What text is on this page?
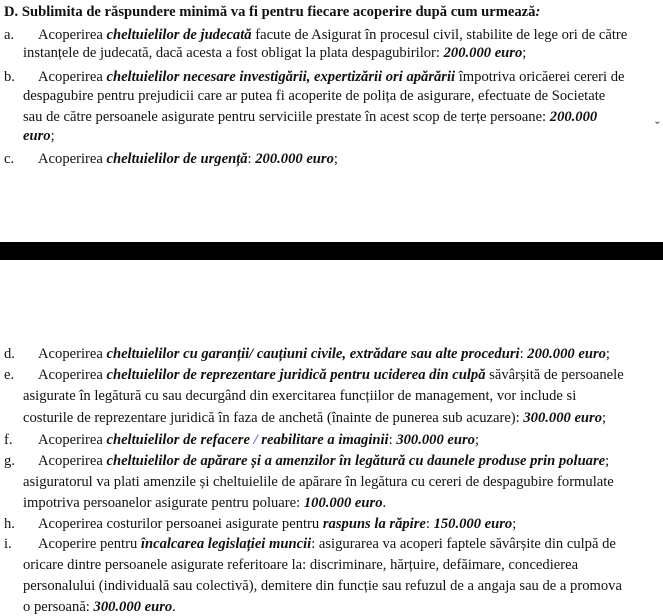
D. Sublimita de răspundere minimă va fi pentru fiecare acoperire după cum urmează:
a. Acoperirea cheltuielilor de judecată facute de Asigurat în procesul civil, stabilite de lege ori de către
instanțele de judecată, dacă acesta a fost obligat la plata despagubirilor: 200.000 euro;
b. Acoperirea cheltuielilor necesare investigării, expertizării ori apărării împotriva oricăerei cereri de
despagubire pentru prejudicii care ar putea fi acoperite de polița de asigurare, efectuate de Societate
sau de către persoanele asigurate pentru serviciile prestate în acest scop de terțe persoane: 200.000
euro;
c. Acoperirea cheltuielilor de urgență: 200.000 euro;
ˇ
d. Acoperirea cheltuielilor cu garanții/ cauțiuni civile, extrădare sau alte proceduri: 200.000 euro;
e. Acoperirea cheltuielilor de reprezentare juridică pentru uciderea din culpă săvârșită de persoanele
asigurate în legătură cu sau decurgând din exercitarea funcțiilor de management, vor include si
costurile de reprezentare juridică în faza de anchetă (înainte de punerea sub acuzare): 300.000 euro;
f. Acoperirea cheltuielilor de refacere / reabilitare a imaginii: 300.000 euro;
g. Acoperirea cheltuielilor de apărare și a amenzilor în legătură cu daunele produse prin poluare;
asiguratorul va plati amenzile și cheltuielile de apărare în legătura cu cereri de despagubire formulate
impotriva persoanelor asigurate pentru poluare: 100.000 euro.
h. Acoperirea costurilor persoanei asigurate pentru raspuns la răpire: 150.000 euro;
i. Acoperire pentru încalcarea legislației muncii: asigurarea va acoperi faptele săvârșite din culpă de
oricare dintre persoanele asigurate referitoare la: discriminare, hărțuire, defăimare, concedierea
personalului (individuală sau colectivă), demitere din funcție sau refuzul de a angaja sau de a promova
o persoană: 300.000 euro.
